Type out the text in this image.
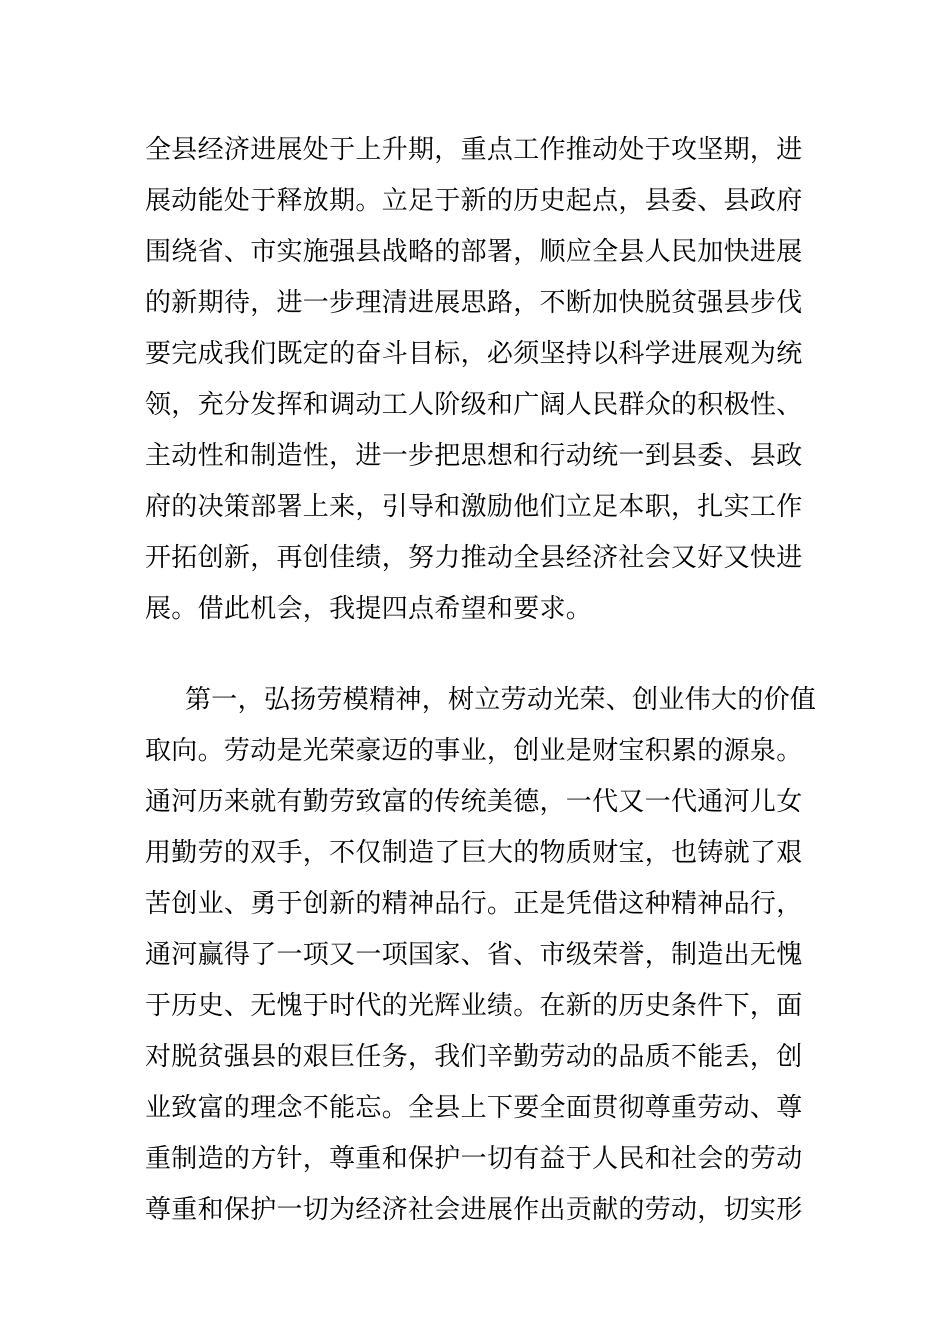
全县经济进展处于上升期，重点工作推动处于攻坚期，进
展动能处于释放期。立足于新的历史起点，县委、县政府
围绕省、市实施强县战略的部署，顺应全县人民加快进展
的新期待，进一步理清进展思路，不断加快脱贫强县步伐
要完成我们既定的奋斗目标，必须坚持以科学进展观为统
领，充分发挥和调动工人阶级和广阔人民群众的积极性、
主动性和制造性，进一步把思想和行动统一到县委、县政
府的决策部署上来，引导和激励他们立足本职，扎实工作
开拓创新，再创佳绩，努力推动全县经济社会又好又快进
展。借此机会，我提四点希望和要求。
第一，弘扬劳模精神，树立劳动光荣、创业伟大的价值
取向。劳动是光荣豪迈的事业，创业是财宝积累的源泉。
通河历来就有勤劳致富的传统美德，一代又一代通河儿女
用勤劳的双手，不仅制造了巨大的物质财宝，也铸就了艰
苦创业、勇于创新的精神品行。正是凭借这种精神品行，
通河赢得了一项又一项国家、省、市级荣誉，制造出无愧
于历史、无愧于时代的光辉业绩。在新的历史条件下，面
对脱贫强县的艰巨任务，我们辛勤劳动的品质不能丢，创
业致富的理念不能忘。全县上下要全面贯彻尊重劳动、尊
重制造的方针，尊重和保护一切有益于人民和社会的劳动
尊重和保护一切为经济社会进展作出贡献的劳动，切实形
